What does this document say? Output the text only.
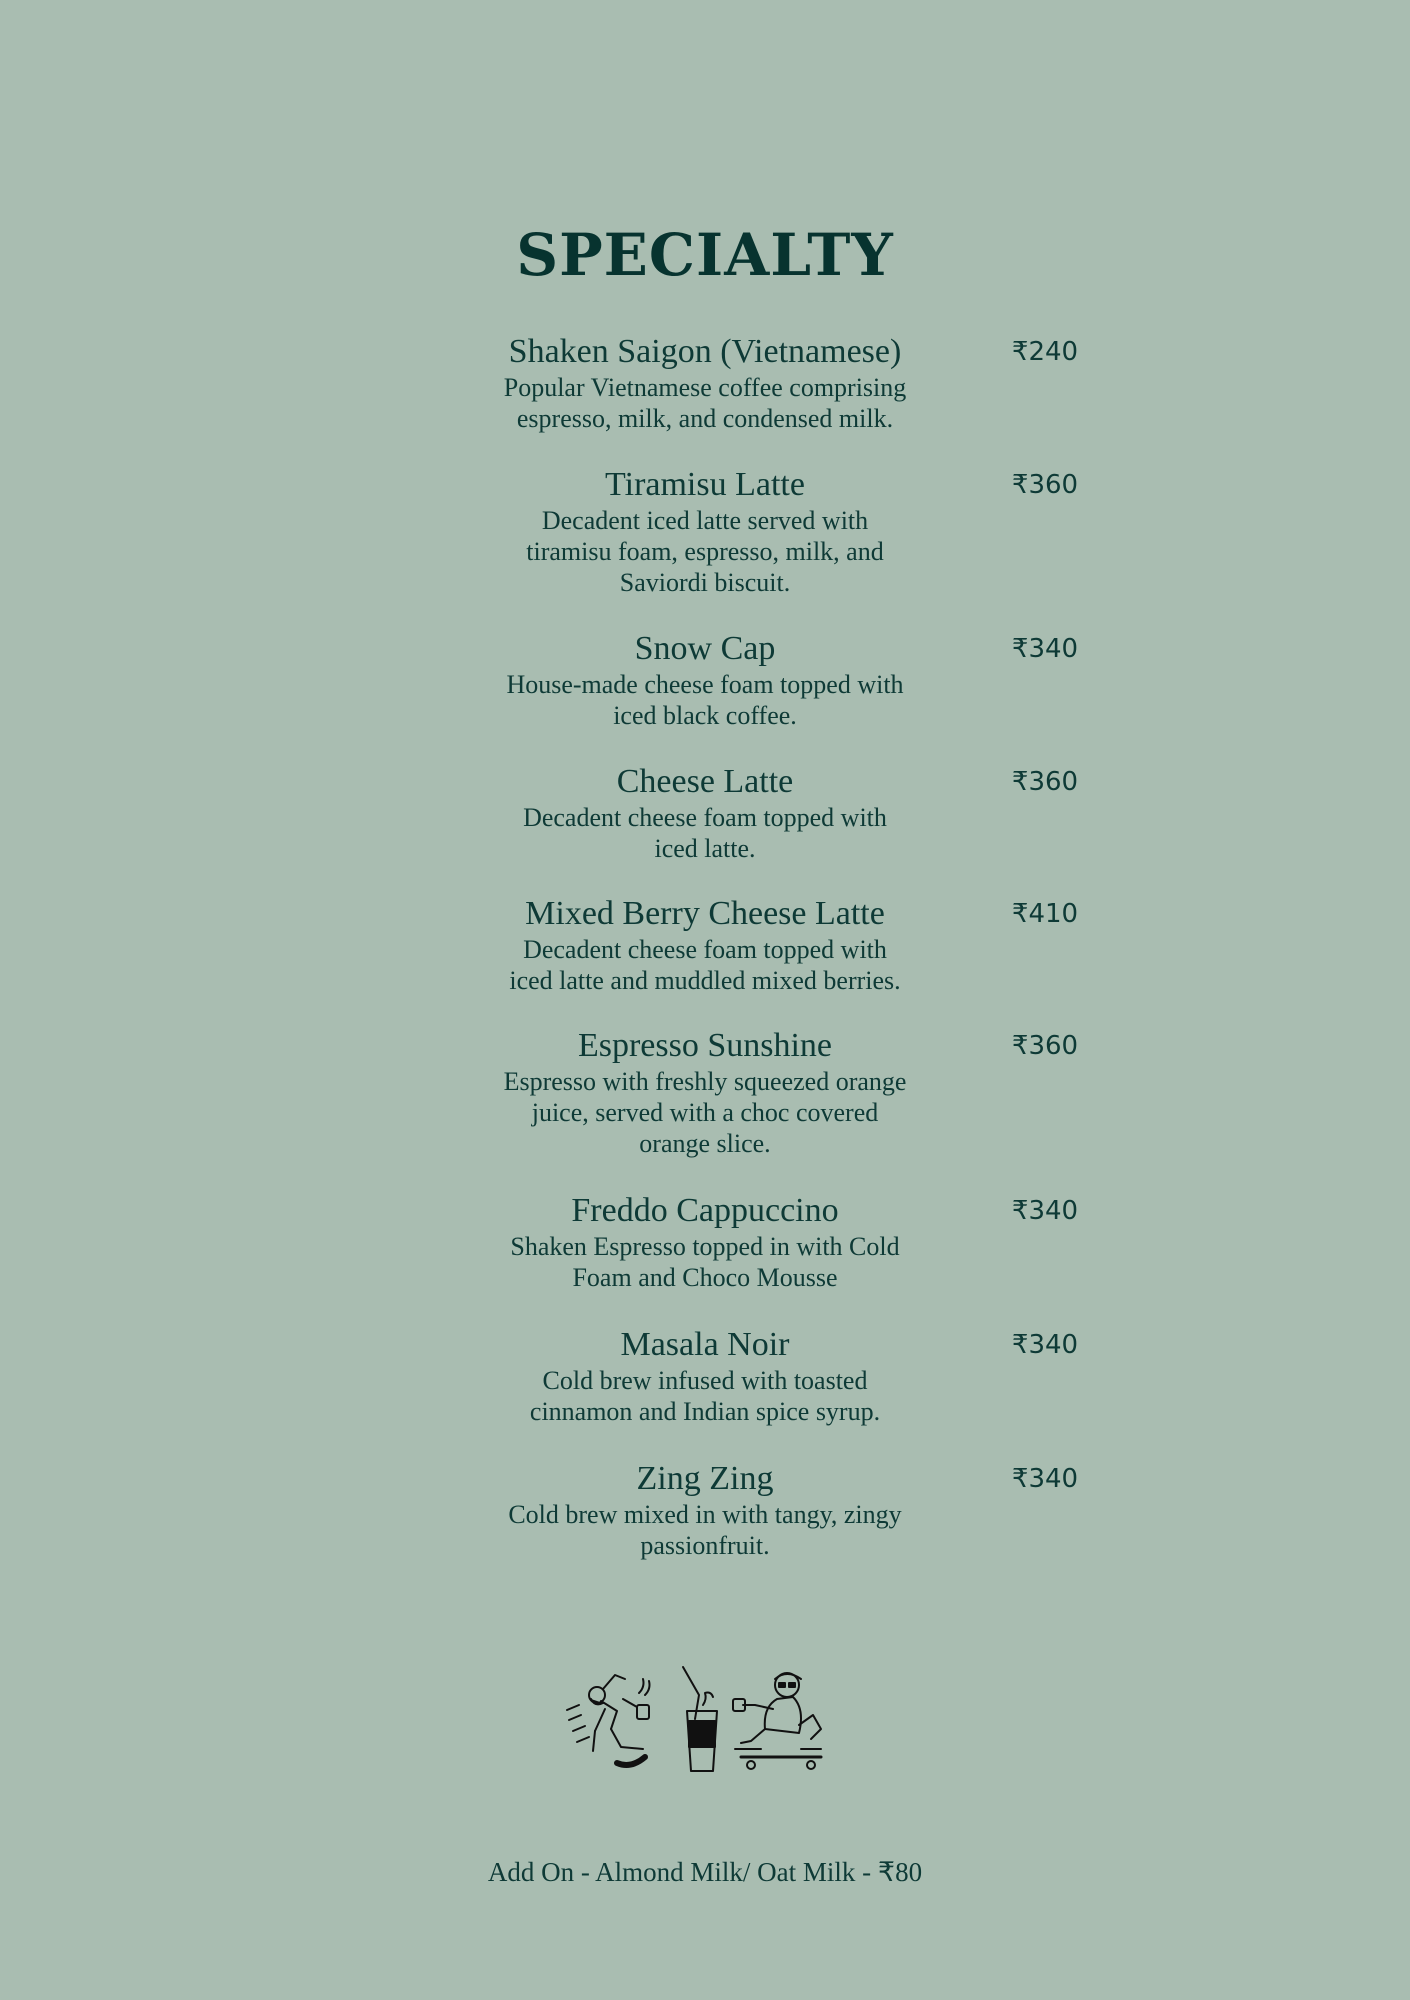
SPECIALTY
Shaken Saigon (Vietnamese)
Popular Vietnamese coffee comprising
espresso, milk, and condensed milk.
₹240
Tiramisu Latte
Decadent iced latte served with
tiramisu foam, espresso, milk, and
Saviordi biscuit.
₹360
Snow Cap
House-made cheese foam topped with
iced black coffee.
₹340
Cheese Latte
Decadent cheese foam topped with
iced latte.
₹360
Mixed Berry Cheese Latte
Decadent cheese foam topped with
iced latte and muddled mixed berries.
₹410
Espresso Sunshine
Espresso with freshly squeezed orange
juice, served with a choc covered
orange slice.
₹360
Freddo Cappuccino
Shaken Espresso topped in with Cold
Foam and Choco Mousse
₹340
Masala Noir
Cold brew infused with toasted
cinnamon and Indian spice syrup.
₹340
Zing Zing
Cold brew mixed in with tangy, zingy
passionfruit.
₹340
Add On - Almond Milk/ Oat Milk - ₹80
